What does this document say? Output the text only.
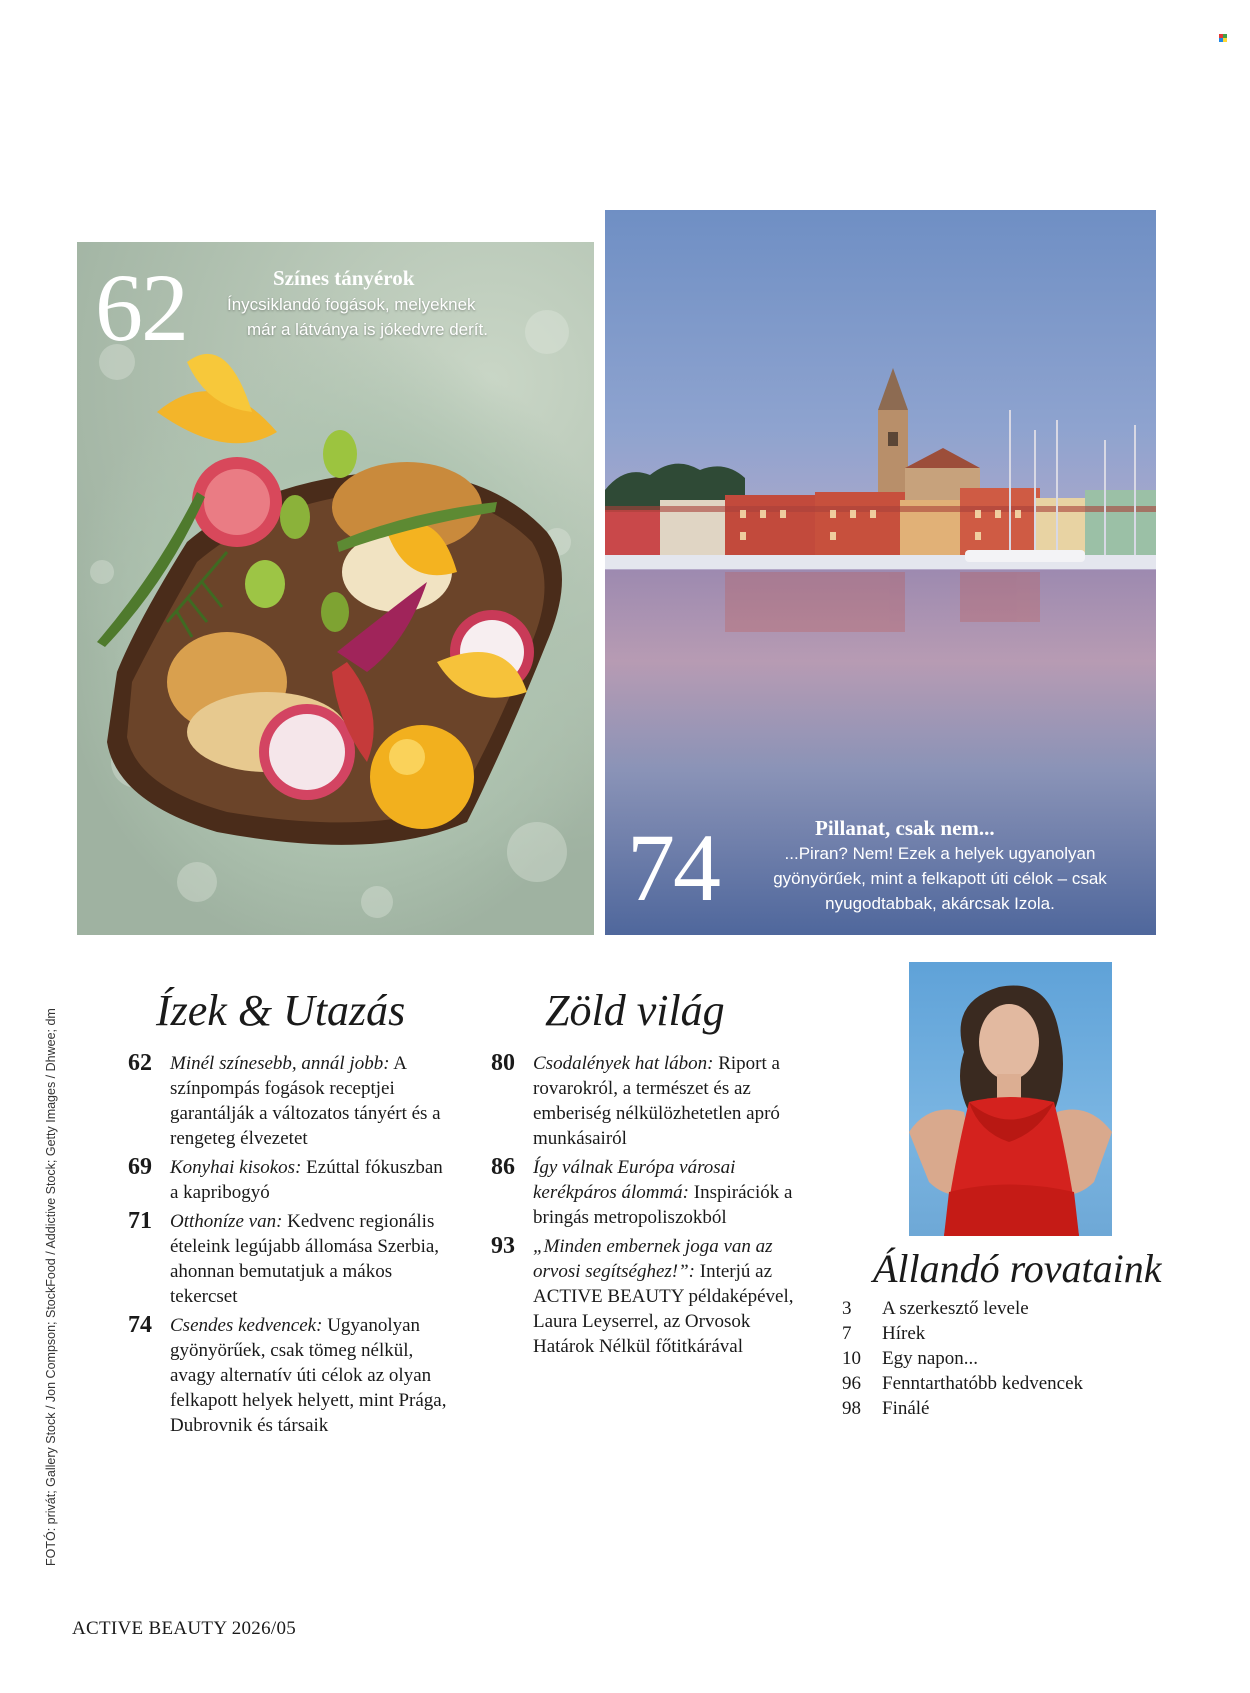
62	Színes tányérok
Ínycsiklandó fogások, melyeknek
már a látványa is jókedvre derít.
74	Pillanat, csak nem...
...Piran? Nem! Ezek a helyek ugyanolyan
gyönyörűek, mint a felkapott úti célok – csak
nyugodtabbak, akárcsak Izola.
Ízek & Utazás
62 Minél színesebb, annál jobb: A színpompás fogások receptjei garantálják a változatos tányért és a rengeteg élvezetet
69 Konyhai kisokos: Ezúttal fókuszban a kapribogyó
71 Otthoníze van: Kedvenc regionális ételeink legújabb állomása Szerbia, ahonnan bemutatjuk a mákos tekercset
74 Csendes kedvencek: Ugyanolyan gyönyörűek, csak tömeg nélkül, avagy alternatív úti célok az olyan felkapott helyek helyett, mint Prága, Dubrovnik és társaik
Zöld világ
80 Csodalények hat lábon: Riport a rovarokról, a természet és az emberiség nélkülözhetetlen apró munkásairól
86 Így válnak Európa városai kerékpáros álommá: Inspirációk a bringás metropoliszokból
93 „Minden embernek joga van az orvosi segítséghez!”: Interjú az ACTIVE BEAUTY példaképével, Laura Leyserrel, az Orvosok Határok Nélkül főtitkárával
Állandó rovataink
3	A szerkesztő levele
7	Hírek
10	Egy napon...
96	Fenntarthatóbb kedvencek
98	Finálé
FOTÓ: privát; Gallery Stock / Jon Compson; StockFood / Addictive Stock; Getty Images / Dhwee; dm
ACTIVE BEAUTY 2026/05
